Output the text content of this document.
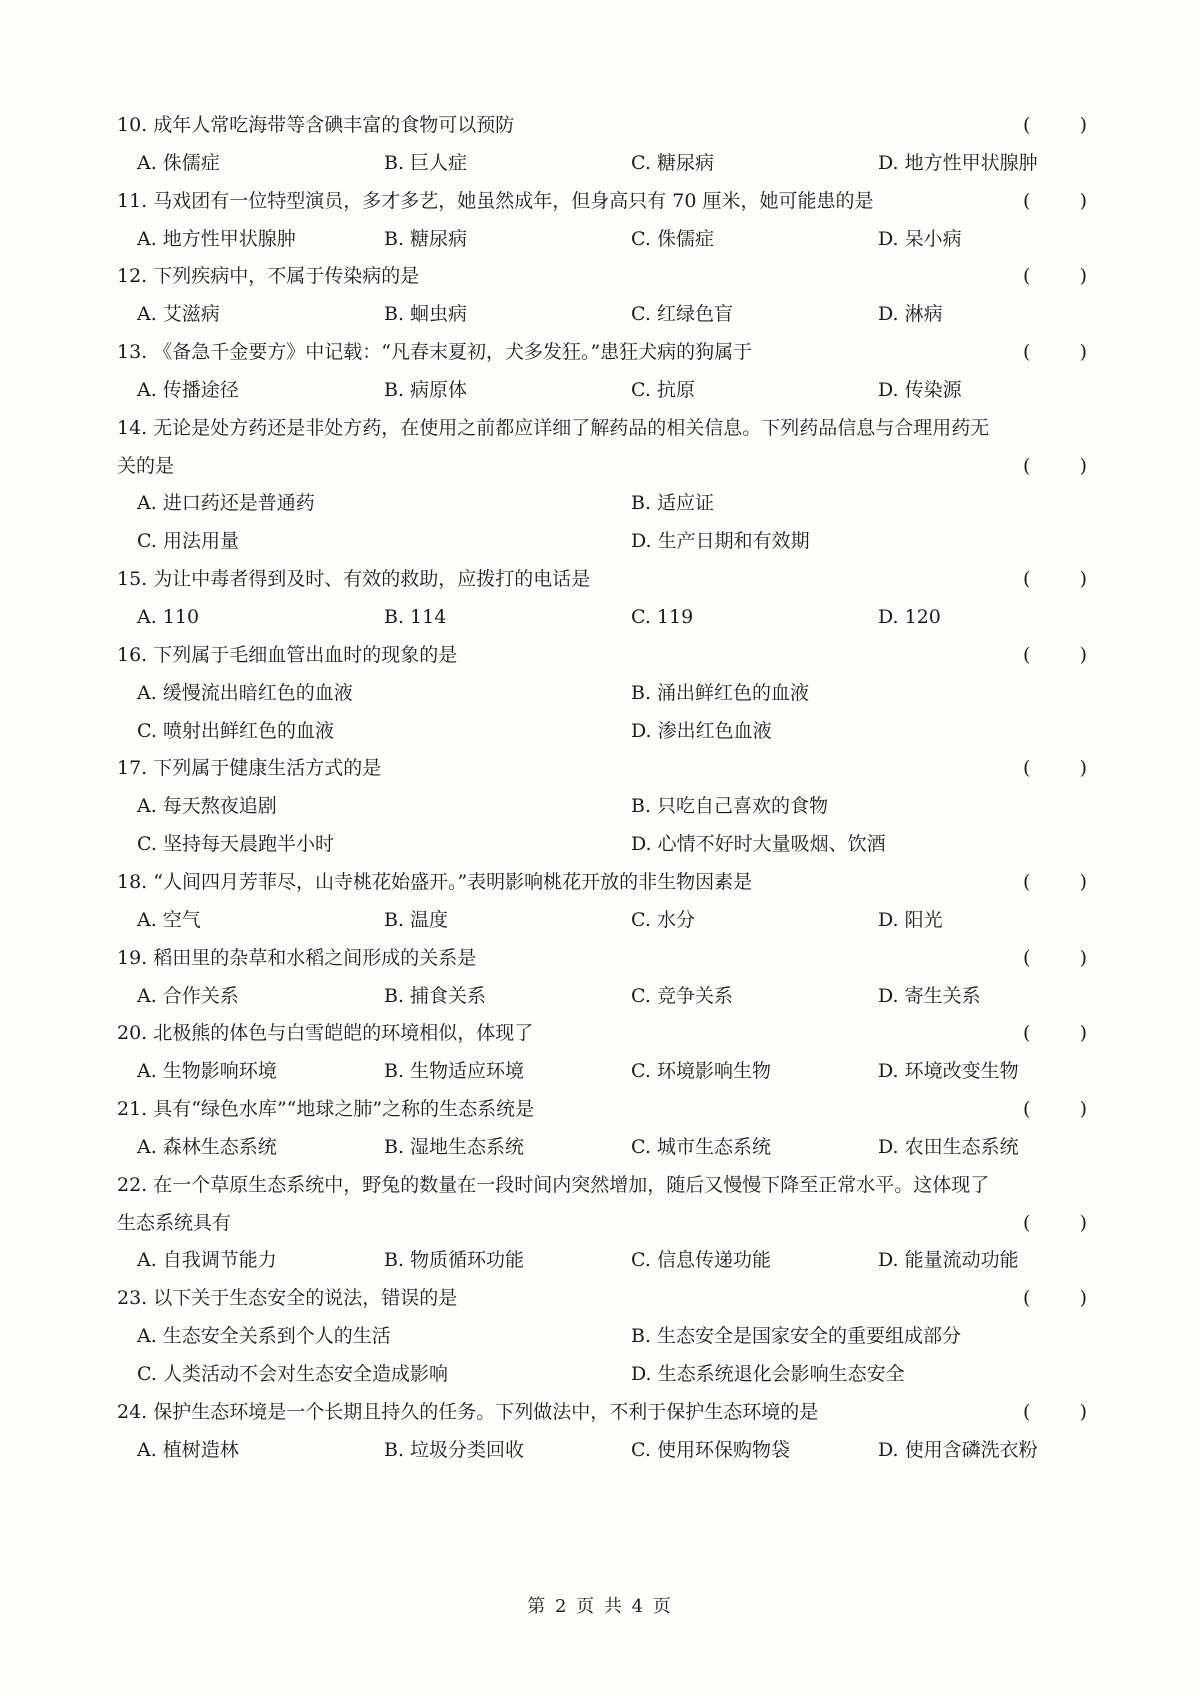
10. 成年人常吃海带等含碘丰富的食物可以预防	(	)
A. 侏儒症	B. 巨人症	C. 糖尿病	D. 地方性甲状腺肿
11. 马戏团有一位特型演员，多才多艺，她虽然成年，但身高只有 70 厘米，她可能患的是	(	)
A. 地方性甲状腺肿	B. 糖尿病	C. 侏儒症	D. 呆小病
12. 下列疾病中，不属于传染病的是	(	)
A. 艾滋病	B. 蛔虫病	C. 红绿色盲	D. 淋病
13. 《备急千金要方》中记载：“凡春末夏初，犬多发狂。”患狂犬病的狗属于	(	)
A. 传播途径	B. 病原体	C. 抗原	D. 传染源
14. 无论是处方药还是非处方药，在使用之前都应详细了解药品的相关信息。下列药品信息与合理用药无
关的是	(	)
A. 进口药还是普通药	B. 适应证
C. 用法用量	D. 生产日期和有效期
15. 为让中毒者得到及时、有效的救助，应拨打的电话是	(	)
A. 110	B. 114	C. 119	D. 120
16. 下列属于毛细血管出血时的现象的是	(	)
A. 缓慢流出暗红色的血液	B. 涌出鲜红色的血液
C. 喷射出鲜红色的血液	D. 渗出红色血液
17. 下列属于健康生活方式的是	(	)
A. 每天熬夜追剧	B. 只吃自己喜欢的食物
C. 坚持每天晨跑半小时	D. 心情不好时大量吸烟、饮酒
18. “人间四月芳菲尽，山寺桃花始盛开。”表明影响桃花开放的非生物因素是	(	)
A. 空气	B. 温度	C. 水分	D. 阳光
19. 稻田里的杂草和水稻之间形成的关系是	(	)
A. 合作关系	B. 捕食关系	C. 竞争关系	D. 寄生关系
20. 北极熊的体色与白雪皑皑的环境相似，体现了	(	)
A. 生物影响环境	B. 生物适应环境	C. 环境影响生物	D. 环境改变生物
21. 具有“绿色水库”“地球之肺”之称的生态系统是	(	)
A. 森林生态系统	B. 湿地生态系统	C. 城市生态系统	D. 农田生态系统
22. 在一个草原生态系统中，野兔的数量在一段时间内突然增加，随后又慢慢下降至正常水平。这体现了
生态系统具有	(	)
A. 自我调节能力	B. 物质循环功能	C. 信息传递功能	D. 能量流动功能
23. 以下关于生态安全的说法，错误的是	(	)
A. 生态安全关系到个人的生活	B. 生态安全是国家安全的重要组成部分
C. 人类活动不会对生态安全造成影响	D. 生态系统退化会影响生态安全
24. 保护生态环境是一个长期且持久的任务。下列做法中，不利于保护生态环境的是	(	)
A. 植树造林	B. 垃圾分类回收	C. 使用环保购物袋	D. 使用含磷洗衣粉
第 2 页 共 4 页
